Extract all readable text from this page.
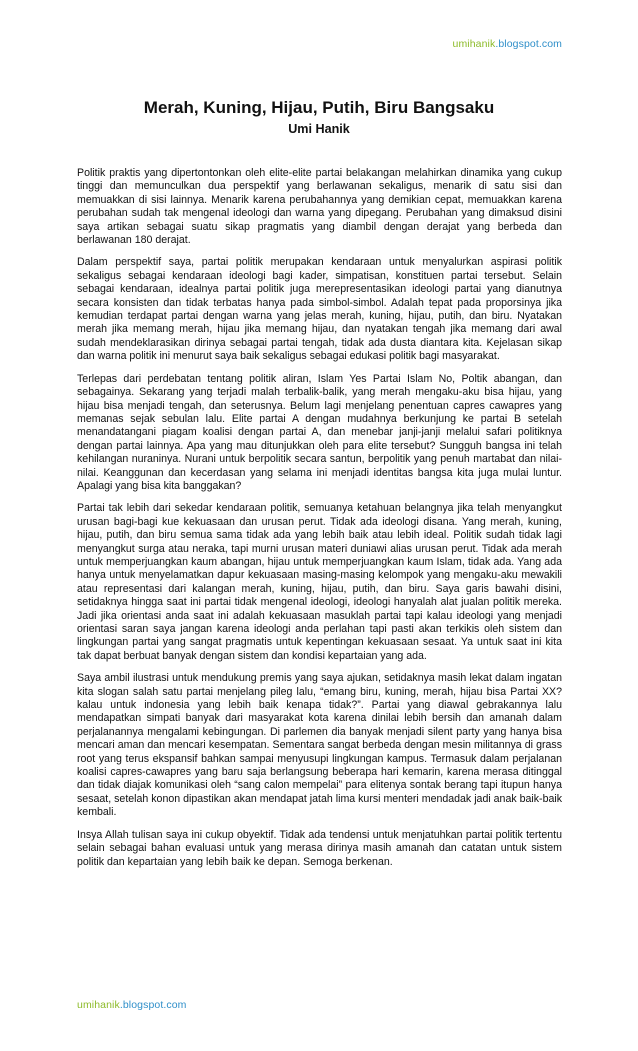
umihanik.blogspot.com
Merah, Kuning, Hijau, Putih, Biru Bangsaku
Umi Hanik

Politik praktis yang dipertontonkan oleh elite-elite partai belakangan melahirkan dinamika yang cukup tinggi dan memunculkan dua perspektif yang berlawanan sekaligus, menarik di satu sisi dan memuakkan di sisi lainnya. Menarik karena perubahannya yang demikian cepat, memuakkan karena perubahan sudah tak mengenal ideologi dan warna yang dipegang. Perubahan yang dimaksud disini saya artikan sebagai suatu sikap pragmatis yang diambil dengan derajat yang berbeda dan berlawanan 180 derajat.

Dalam perspektif saya, partai politik merupakan kendaraan untuk menyalurkan aspirasi politik sekaligus sebagai kendaraan ideologi bagi kader, simpatisan, konstituen partai tersebut. Selain sebagai kendaraan, idealnya partai politik juga merepresentasikan ideologi partai yang dianutnya secara konsisten dan tidak terbatas hanya pada simbol-simbol. Adalah tepat pada proporsinya jika kemudian terdapat partai dengan warna yang jelas merah, kuning, hijau, putih, dan biru. Nyatakan merah jika memang merah, hijau jika memang hijau, dan nyatakan tengah jika memang dari awal sudah mendeklarasikan dirinya sebagai partai tengah, tidak ada dusta diantara kita. Kejelasan sikap dan warna politik ini menurut saya baik sekaligus sebagai edukasi politik bagi masyarakat.

Terlepas dari perdebatan tentang politik aliran, Islam Yes Partai Islam No, Poltik abangan, dan sebagainya. Sekarang yang terjadi malah terbalik-balik, yang merah mengaku-aku bisa hijau, yang hijau bisa menjadi tengah, dan seterusnya. Belum lagi menjelang penentuan capres cawapres yang memanas sejak sebulan lalu. Elite partai A dengan mudahnya berkunjung ke partai B setelah menandatangani piagam koalisi dengan partai A, dan menebar janji-janji melalui safari politiknya dengan partai lainnya. Apa yang mau ditunjukkan oleh para elite tersebut? Sungguh bangsa ini telah kehilangan nuraninya. Nurani untuk berpolitik secara santun, berpolitik yang penuh martabat dan nilai-nilai. Keanggunan dan kecerdasan yang selama ini menjadi identitas bangsa kita juga mulai luntur. Apalagi yang bisa kita banggakan?

Partai tak lebih dari sekedar kendaraan politik, semuanya ketahuan belangnya jika telah menyangkut urusan bagi-bagi kue kekuasaan dan urusan perut. Tidak ada ideologi disana. Yang merah, kuning, hijau, putih, dan biru semua sama tidak ada yang lebih baik atau lebih ideal. Politik sudah tidak lagi menyangkut surga atau neraka, tapi murni urusan materi duniawi alias urusan perut. Tidak ada merah untuk memperjuangkan kaum abangan, hijau untuk memperjuangkan kaum Islam, tidak ada. Yang ada hanya untuk menyelamatkan dapur kekuasaan masing-masing kelompok yang mengaku-aku mewakili atau representasi dari kalangan merah, kuning, hijau, putih, dan biru. Saya garis bawahi disini, setidaknya hingga saat ini partai tidak mengenal ideologi, ideologi hanyalah alat jualan politik mereka. Jadi jika orientasi anda saat ini adalah kekuasaan masuklah partai tapi kalau ideologi yang menjadi orientasi saran saya jangan karena ideologi anda perlahan tapi pasti akan terkikis oleh sistem dan lingkungan partai yang sangat pragmatis untuk kepentingan kekuasaan sesaat. Ya untuk saat ini kita tak dapat berbuat banyak dengan sistem dan kondisi kepartaian yang ada.

Saya ambil ilustrasi untuk mendukung premis yang saya ajukan, setidaknya masih lekat dalam ingatan kita slogan salah satu partai menjelang pileg lalu, “emang biru, kuning, merah, hijau bisa Partai XX? kalau untuk indonesia yang lebih baik kenapa tidak?”. Partai yang diawal gebrakannya lalu mendapatkan simpati banyak dari masyarakat kota karena dinilai lebih bersih dan amanah dalam perjalanannya mengalami kebingungan. Di parlemen dia banyak menjadi silent party yang hanya bisa mencari aman dan mencari kesempatan. Sementara sangat berbeda dengan mesin militannya di grass root yang terus ekspansif bahkan sampai menyusupi lingkungan kampus. Termasuk dalam perjalanan koalisi capres-cawapres yang baru saja berlangsung beberapa hari kemarin, karena merasa ditinggal dan tidak diajak komunikasi oleh “sang calon mempelai” para elitenya sontak berang tapi itupun hanya sesaat, setelah konon dipastikan akan mendapat jatah lima kursi menteri mendadak jadi anak baik-baik kembali.

Insya Allah tulisan saya ini cukup obyektif. Tidak ada tendensi untuk menjatuhkan partai politik tertentu selain sebagai bahan evaluasi untuk yang merasa dirinya masih amanah dan catatan untuk sistem politik dan kepartaian yang lebih baik ke depan. Semoga berkenan.

umihanik.blogspot.com
